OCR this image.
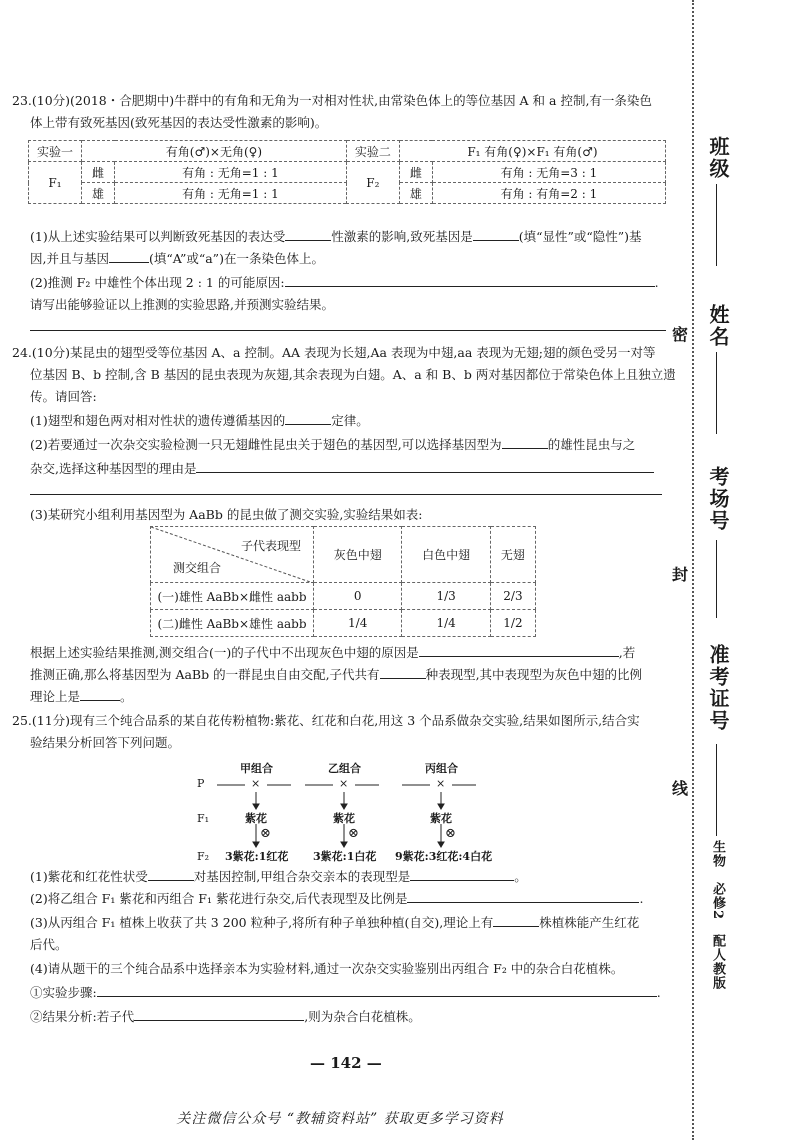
23.(10分)(2018・合肥期中)牛群中的有角和无角为一对相对性状,由常染色体上的等位基因 A 和 a 控制,有一条染色
体上带有致死基因(致死基因的表达受性激素的影响)。
实验一	有角(♂)×无角(♀)		实验二	F₁ 有角(♀)×F₁ 有角(♂)	
F₁	雌	有角 : 无角=1 : 1	F₂	雌	有角 : 无角=3 : 1
	雄	有角 : 无角=1 : 1		雄	有角 : 有角=2 : 1
(1)从上述实验结果可以判断致死基因的表达受	性激素的影响,致死基因是	(填“显性”或“隐性”)基
因,并且与基因	(填“A”或“a”)在一条染色体上。
(2)推测 F₂ 中雄性个体出现 2 : 1 的可能原因:	.
请写出能够验证以上推测的实验思路,并预测实验结果。
24.(10分)某昆虫的翅型受等位基因 A、a 控制。AA 表现为长翅,Aa 表现为中翅,aa 表现为无翅;翅的颜色受另一对等
位基因 B、b 控制,含 B 基因的昆虫表现为灰翅,其余表现为白翅。A、a 和 B、b 两对基因都位于常染色体上且独立遗
传。请回答:
(1)翅型和翅色两对相对性状的遗传遵循基因的	定律。
(2)若要通过一次杂交实验检测一只无翅雌性昆虫关于翅色的基因型,可以选择基因型为	的雄性昆虫与之
杂交,选择这种基因型的理由是
(3)某研究小组利用基因型为 AaBb 的昆虫做了测交实验,实验结果如表:
子代表现型
测交组合	灰色中翅	白色中翅	无翅
(一)雄性 AaBb×雌性 aabb	0	1/3	2/3
(二)雌性 AaBb×雄性 aabb	1/4	1/4	1/2
根据上述实验结果推测,测交组合(一)的子代中不出现灰色中翅的原因是	,若
推测正确,那么将基因型为 AaBb 的一群昆虫自由交配,子代共有	种表现型,其中表现型为灰色中翅的比例
理论上是	。
25.(11分)现有三个纯合品系的某自花传粉植物:紫花、红花和白花,用这 3 个品系做杂交实验,结果如图所示,结合实
验结果分析回答下列问题。
甲组合	乙组合	丙组合
P	×	×	×
F₁	紫花	紫花	紫花
⊗	⊗	⊗
F₂ 3紫花:1红花 3紫花:1白花 9紫花:3红花:4白花
(1)紫花和红花性状受	对基因控制,甲组合杂交亲本的表现型是	。
(2)将乙组合 F₁ 紫花和丙组合 F₁ 紫花进行杂交,后代表现型及比例是	.
(3)从丙组合 F₁ 植株上收获了共 3 200 粒种子,将所有种子单独种植(自交),理论上有	株植株能产生红花
后代。
(4)请从题干的三个纯合品系中选择亲本为实验材料,通过一次杂交实验鉴别出丙组合 F₂ 中的杂合白花植株。
①实验步骤:	.
②结果分析:若子代	,则为杂合白花植株。
— 142 —
关注微信公众号 “教辅资料站” 获取更多学习资料
班级
姓名
考场号
准考证号
密
封
线
生物　必修2　配人教版
